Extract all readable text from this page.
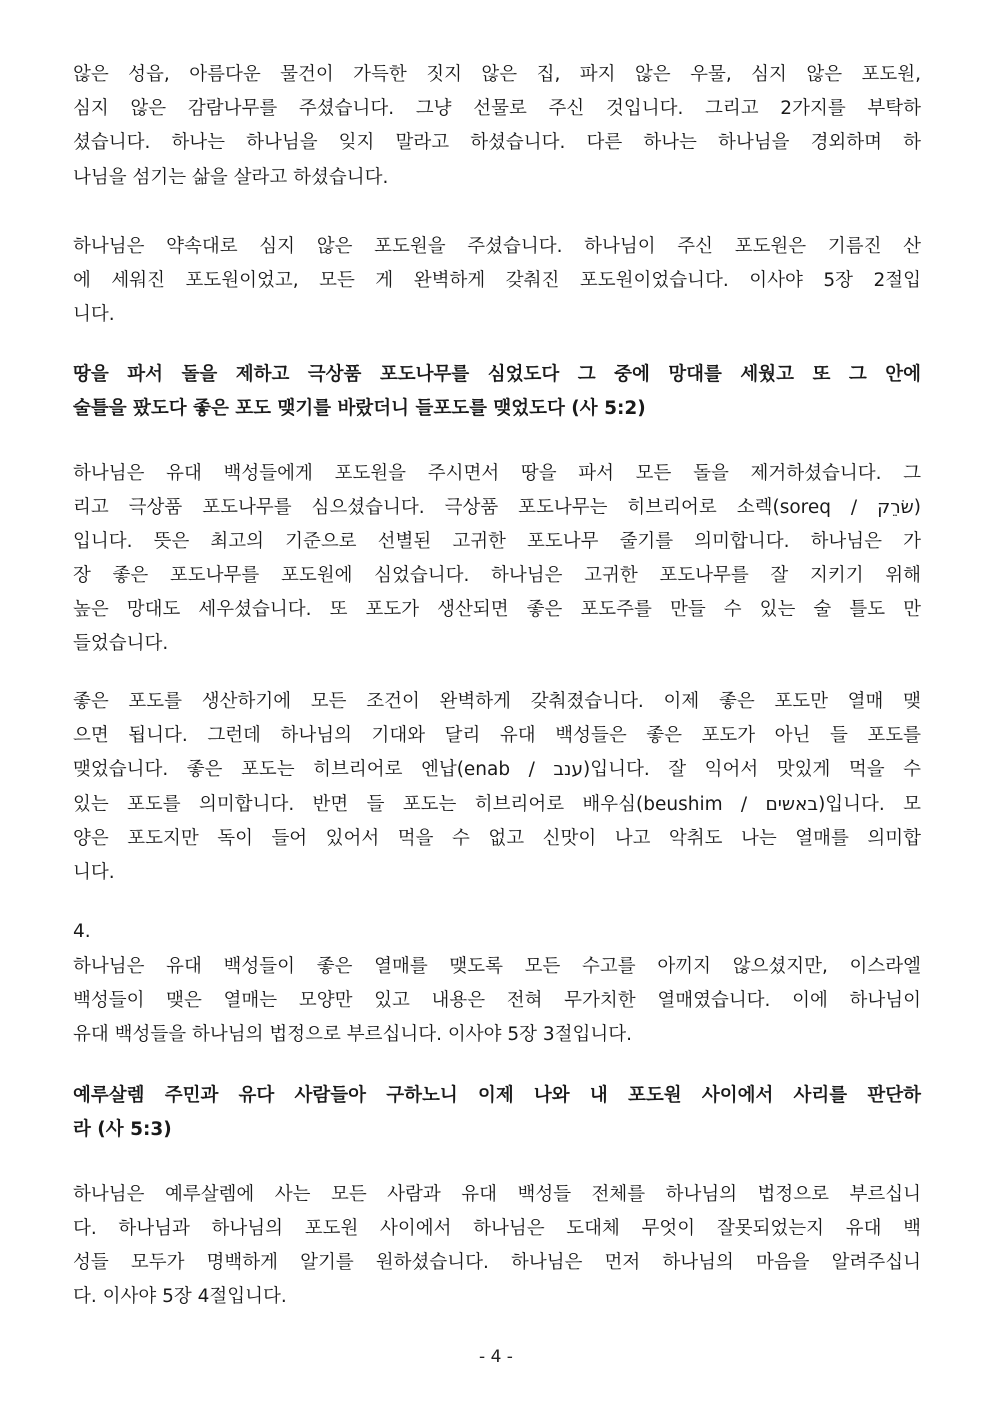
않은 성읍, 아름다운 물건이 가득한 짓지 않은 집, 파지 않은 우물, 심지 않은 포도원,
심지 않은 감람나무를 주셨습니다. 그냥 선물로 주신 것입니다. 그리고 2가지를 부탁하
셨습니다. 하나는 하나님을 잊지 말라고 하셨습니다. 다른 하나는 하나님을 경외하며 하
나님을 섬기는 삶을 살라고 하셨습니다.
하나님은 약속대로 심지 않은 포도원을 주셨습니다. 하나님이 주신 포도원은 기름진 산
에 세워진 포도원이었고, 모든 게 완벽하게 갖춰진 포도원이었습니다. 이사야 5장 2절입
니다.
땅을 파서 돌을 제하고 극상품 포도나무를 심었도다 그 중에 망대를 세웠고 또 그 안에
술틀을 팠도다 좋은 포도 맺기를 바랐더니 들포도를 맺었도다 (사 5:2)
하나님은 유대 백성들에게 포도원을 주시면서 땅을 파서 모든 돌을 제거하셨습니다. 그
리고 극상품 포도나무를 심으셨습니다. 극상품 포도나무는 히브리어로 소렉(soreq / שׂרֵק)
입니다. 뜻은 최고의 기준으로 선별된 고귀한 포도나무 줄기를 의미합니다. 하나님은 가
장 좋은 포도나무를 포도원에 심었습니다. 하나님은 고귀한 포도나무를 잘 지키기 위해
높은 망대도 세우셨습니다. 또 포도가 생산되면 좋은 포도주를 만들 수 있는 술 틀도 만
들었습니다.
좋은 포도를 생산하기에 모든 조건이 완벽하게 갖춰졌습니다. 이제 좋은 포도만 열매 맺
으면 됩니다. 그런데 하나님의 기대와 달리 유대 백성들은 좋은 포도가 아닌 들 포도를
맺었습니다. 좋은 포도는 히브리어로 엔납(enab / ענב)입니다. 잘 익어서 맛있게 먹을 수
있는 포도를 의미합니다. 반면 들 포도는 히브리어로 배우심(beushim / באשים)입니다. 모
양은 포도지만 독이 들어 있어서 먹을 수 없고 신맛이 나고 악취도 나는 열매를 의미합
니다.
4.
하나님은 유대 백성들이 좋은 열매를 맺도록 모든 수고를 아끼지 않으셨지만, 이스라엘
백성들이 맺은 열매는 모양만 있고 내용은 전혀 무가치한 열매였습니다. 이에 하나님이
유대 백성들을 하나님의 법정으로 부르십니다. 이사야 5장 3절입니다.
예루살렘 주민과 유다 사람들아 구하노니 이제 나와 내 포도원 사이에서 사리를 판단하
라 (사 5:3)
하나님은 예루살렘에 사는 모든 사람과 유대 백성들 전체를 하나님의 법정으로 부르십니
다. 하나님과 하나님의 포도원 사이에서 하나님은 도대체 무엇이 잘못되었는지 유대 백
성들 모두가 명백하게 알기를 원하셨습니다. 하나님은 먼저 하나님의 마음을 알려주십니
다. 이사야 5장 4절입니다.
- 4 -
